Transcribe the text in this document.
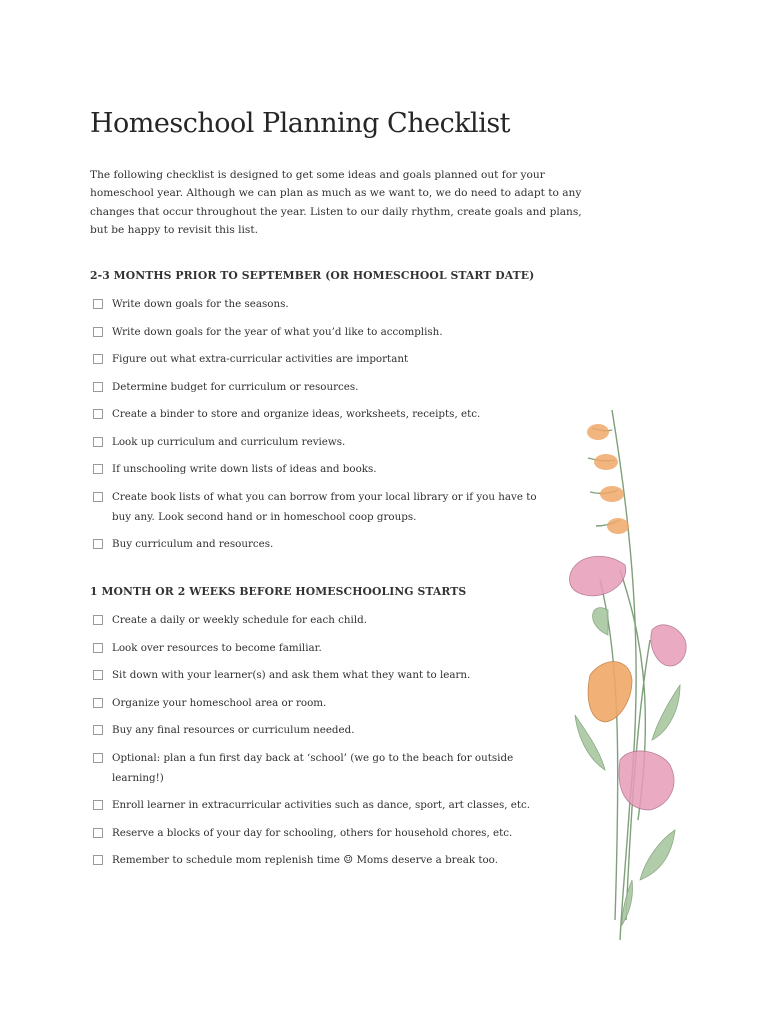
Homeschool Planning Checklist

The following checklist is designed to get some ideas and goals planned out for your homeschool year. Although we can plan as much as we want to, we do need to adapt to any changes that occur throughout the year. Listen to our daily rhythm, create goals and plans, but be happy to revisit this list.

2-3 MONTHS PRIOR TO SEPTEMBER (OR HOMESCHOOL START DATE)
Write down goals for the seasons.
Write down goals for the year of what you’d like to accomplish.
Figure out what extra-curricular activities are important
Determine budget for curriculum or resources.
Create a binder to store and organize ideas, worksheets, receipts, etc.
Look up curriculum and curriculum reviews.
If unschooling write down lists of ideas and books.
Create book lists of what you can borrow from your local library or if you have to buy any. Look second hand or in homeschool coop groups.
Buy curriculum and resources.
1 MONTH OR 2 WEEKS BEFORE HOMESCHOOLING STARTS
Create a daily or weekly schedule for each child.
Look over resources to become familiar.
Sit down with your learner(s) and ask them what they want to learn.
Organize your homeschool area or room.
Buy any final resources or curriculum needed.
Optional: plan a fun first day back at ‘school’ (we go to the beach for outside learning!)
Enroll learner in extracurricular activities such as dance, sport, art classes, etc.
Reserve a blocks of your day for schooling, others for household chores, etc.
Remember to schedule mom replenish time ☺ Moms deserve a break too.
